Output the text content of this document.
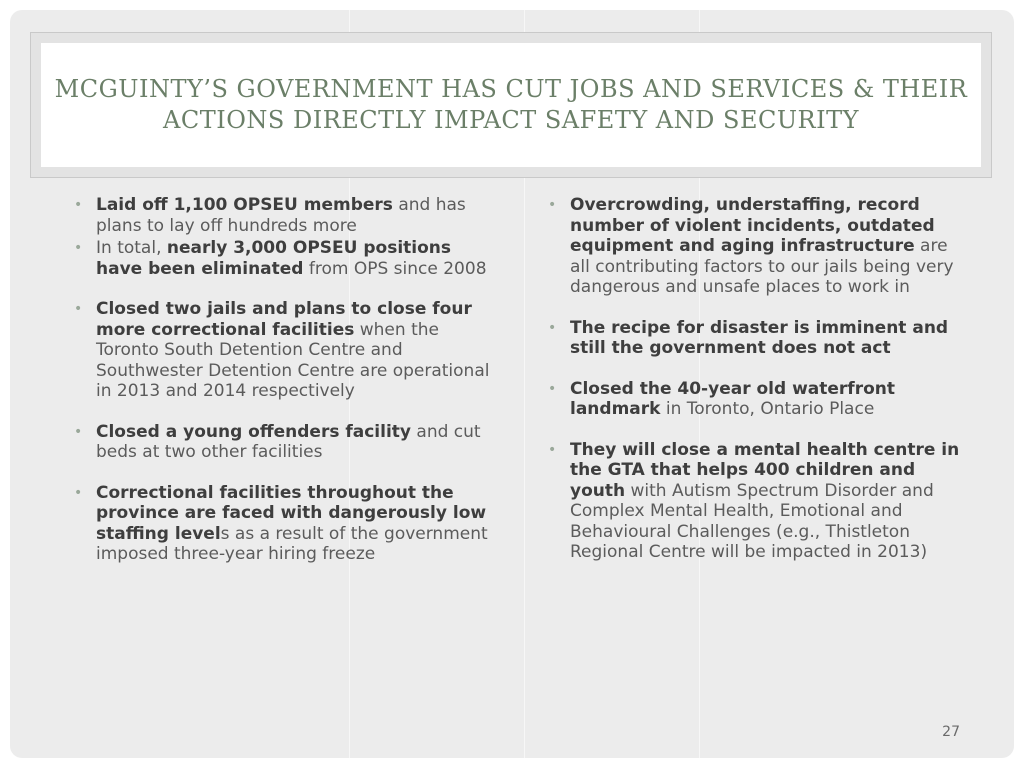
MCGUINTY’S GOVERNMENT HAS CUT JOBS AND SERVICES & THEIR ACTIONS DIRECTLY IMPACT SAFETY AND SECURITY
• Laid off 1,100 OPSEU members and has plans to lay off hundreds more
• In total, nearly 3,000 OPSEU positions have been eliminated from OPS since 2008
• Closed two jails and plans to close four more correctional facilities when the Toronto South Detention Centre and Southwester Detention Centre are operational in 2013 and 2014 respectively
• Closed a young offenders facility and cut beds at two other facilities
• Correctional facilities throughout the province are faced with dangerously low staffing levels as a result of the government imposed three-year hiring freeze
• Overcrowding, understaffing, record number of violent incidents, outdated equipment and aging infrastructure are all contributing factors to our jails being very dangerous and unsafe places to work in
• The recipe for disaster is imminent and still the government does not act
• Closed the 40-year old waterfront landmark in Toronto, Ontario Place
• They will close a mental health centre in the GTA that helps 400 children and youth with Autism Spectrum Disorder and Complex Mental Health, Emotional and Behavioural Challenges (e.g., Thistleton Regional Centre will be impacted in 2013)
27
